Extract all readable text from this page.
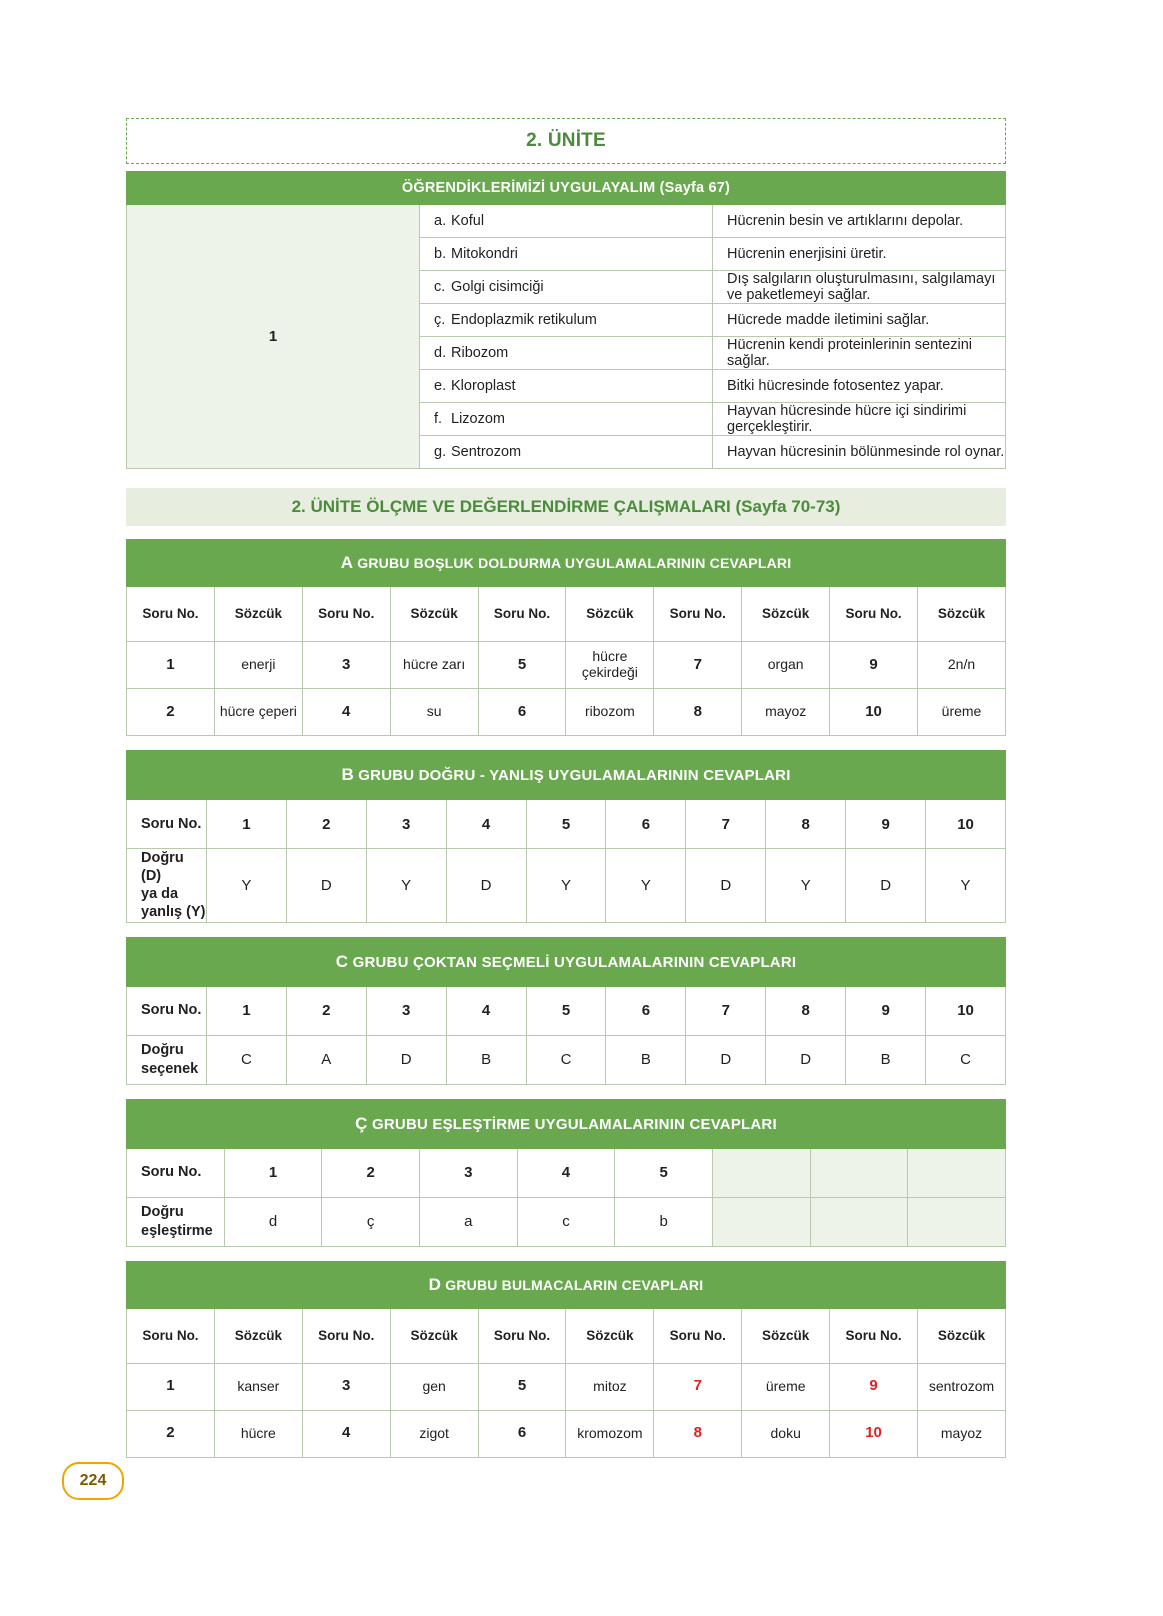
2. ÜNİTE
ÖĞRENDİKLERİMİZİ UYGULAYALIM (Sayfa 67)		
1	a. Koful	Hücrenin besin ve artıklarını depolar.
	b. Mitokondri	Hücrenin enerjisini üretir.
	c. Golgi cisimciği	Dış salgıların oluşturulmasını, salgılamayı ve paketlemeyi sağlar.
	ç. Endoplazmik retikulum	Hücrede madde iletimini sağlar.
	d. Ribozom	Hücrenin kendi proteinlerinin sentezini sağlar.
	e. Kloroplast	Bitki hücresinde fotosentez yapar.
	f. Lizozom	Hayvan hücresinde hücre içi sindirimi gerçekleştirir.
	g. Sentrozom	Hayvan hücresinin bölünmesinde rol oynar.
2. ÜNİTE ÖLÇME VE DEĞERLENDİRME ÇALIŞMALARI (Sayfa 70-73)
A GRUBU BOŞLUK DOLDURMA UYGULAMALARININ CEVAPLARI									
Soru No.	Sözcük	Soru No.	Sözcük	Soru No.	Sözcük	Soru No.	Sözcük	Soru No.	Sözcük
1	enerji	3	hücre zarı	5	hücre çekirdeği	7	organ	9	2n/n
2	hücre çeperi	4	su	6	ribozom	8	mayoz	10	üreme
B GRUBU DOĞRU - YANLIŞ UYGULAMALARININ CEVAPLARI										
Soru No.	1	2	3	4	5	6	7	8	9	10
Doğru (D)
ya da yanlış (Y)	Y	D	Y	D	Y	Y	D	Y	D	Y
C GRUBU ÇOKTAN SEÇMELİ UYGULAMALARININ CEVAPLARI										
Soru No.	1	2	3	4	5	6	7	8	9	10
Doğru seçenek	C	A	D	B	C	B	D	D	B	C
Ç GRUBU EŞLEŞTİRME UYGULAMALARININ CEVAPLARI								
Soru No.	1	2	3	4	5			
Doğru
eşleştirme	d	ç	a	c	b			
D GRUBU BULMACALARIN CEVAPLARI									
Soru No.	Sözcük	Soru No.	Sözcük	Soru No.	Sözcük	Soru No.	Sözcük	Soru No.	Sözcük
1	kanser	3	gen	5	mitoz	7	üreme	9	sentrozom
2	hücre	4	zigot	6	kromozom	8	doku	10	mayoz
224
